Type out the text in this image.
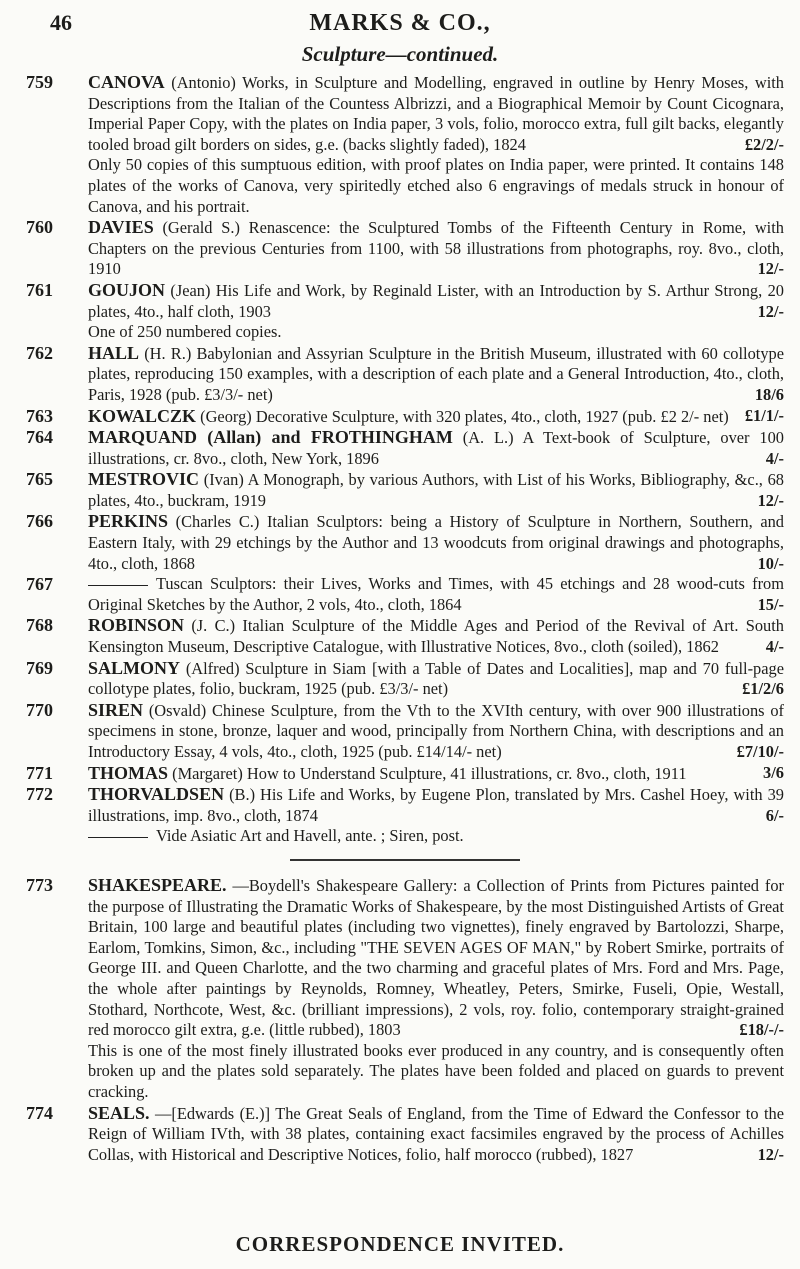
46	MARKS & CO.,
Sculpture—continued.
759 CANOVA (Antonio) Works, in Sculpture and Modelling, engraved in outline by Henry Moses, with Descriptions from the Italian of the Countess Albrizzi, and a Biographical Memoir by Count Cicognara, Imperial Paper Copy, with the plates on India paper, 3 vols, folio, morocco extra, full gilt backs, elegantly tooled broad gilt borders on sides, g.e. (backs slightly faded), 1824	£2/2/-
Only 50 copies of this sumptuous edition, with proof plates on India paper, were printed. It contains 148 plates of the works of Canova, very spiritedly etched also 6 engravings of medals struck in honour of Canova, and his portrait.
760 DAVIES (Gerald S.) Renascence: the Sculptured Tombs of the Fifteenth Century in Rome, with Chapters on the previous Centuries from 1100, with 58 illustrations from photographs, roy. 8vo., cloth, 1910	12/-
761 GOUJON (Jean) His Life and Work, by Reginald Lister, with an Introduction by S. Arthur Strong, 20 plates, 4to., half cloth, 1903	12/-
One of 250 numbered copies.
762 HALL (H. R.) Babylonian and Assyrian Sculpture in the British Museum, illustrated with 60 collotype plates, reproducing 150 examples, with a description of each plate and a General Introduction, 4to., cloth, Paris, 1928 (pub. £3/3/- net)	18/6
763 KOWALCZK (Georg) Decorative Sculpture, with 320 plates, 4to., cloth, 1927 (pub. £2 2/- net) £1/1/-
764 MARQUAND (Allan) and FROTHINGHAM (A. L.) A Text-book of Sculpture, over 100 illustrations, cr. 8vo., cloth, New York, 1896	4/-
765 MESTROVIC (Ivan) A Monograph, by various Authors, with List of his Works, Bibliography, &c., 68 plates, 4to., buckram, 1919	12/-
766 PERKINS (Charles C.) Italian Sculptors: being a History of Sculpture in Northern, Southern, and Eastern Italy, with 29 etchings by the Author and 13 woodcuts from original drawings and photographs, 4to., cloth, 1868	10/-
767	Tuscan Sculptors: their Lives, Works and Times, with 45 etchings and 28 wood-cuts from Original Sketches by the Author, 2 vols, 4to., cloth, 1864	15/-
768 ROBINSON (J. C.) Italian Sculpture of the Middle Ages and Period of the Revival of Art. South Kensington Museum, Descriptive Catalogue, with Illustrative Notices, 8vo., cloth (soiled), 1862	4/-
769 SALMONY (Alfred) Sculpture in Siam [with a Table of Dates and Localities], map and 70 full-page collotype plates, folio, buckram, 1925 (pub. £3/3/- net)	£1/2/6
770 SIREN (Osvald) Chinese Sculpture, from the Vth to the XVIth century, with over 900 illustrations of specimens in stone, bronze, laquer and wood, principally from Northern China, with descriptions and an Introductory Essay, 4 vols, 4to., cloth, 1925 (pub. £14/14/- net)	£7/10/-
771 THOMAS (Margaret) How to Understand Sculpture, 41 illustrations, cr. 8vo., cloth, 1911	3/6
772 THORVALDSEN (B.) His Life and Works, by Eugene Plon, translated by Mrs. Cashel Hoey, with 39 illustrations, imp. 8vo., cloth, 1874	6/-
Vide Asiatic Art and Havell, ante. ; Siren, post.
773 SHAKESPEARE. —Boydell's Shakespeare Gallery: a Collection of Prints from Pictures painted for the purpose of Illustrating the Dramatic Works of Shakespeare, by the most Distinguished Artists of Great Britain, 100 large and beautiful plates (including two vignettes), finely engraved by Bartolozzi, Sharpe, Earlom, Tomkins, Simon, &c., including "THE SEVEN AGES OF MAN," by Robert Smirke, portraits of George III. and Queen Charlotte, and the two charming and graceful plates of Mrs. Ford and Mrs. Page, the whole after paintings by Reynolds, Romney, Wheatley, Peters, Smirke, Fuseli, Opie, Westall, Stothard, Northcote, West, &c. (brilliant impressions), 2 vols, roy. folio, contemporary straight-grained red morocco gilt extra, g.e. (little rubbed), 1803	£18/-/-
This is one of the most finely illustrated books ever produced in any country, and is consequently often broken up and the plates sold separately. The plates have been folded and placed on guards to prevent cracking.
774 SEALS. —[Edwards (E.)] The Great Seals of England, from the Time of Edward the Confessor to the Reign of William IVth, with 38 plates, containing exact facsimiles engraved by the process of Achilles Collas, with Historical and Descriptive Notices, folio, half morocco (rubbed), 1827	12/-
CORRESPONDENCE INVITED.
